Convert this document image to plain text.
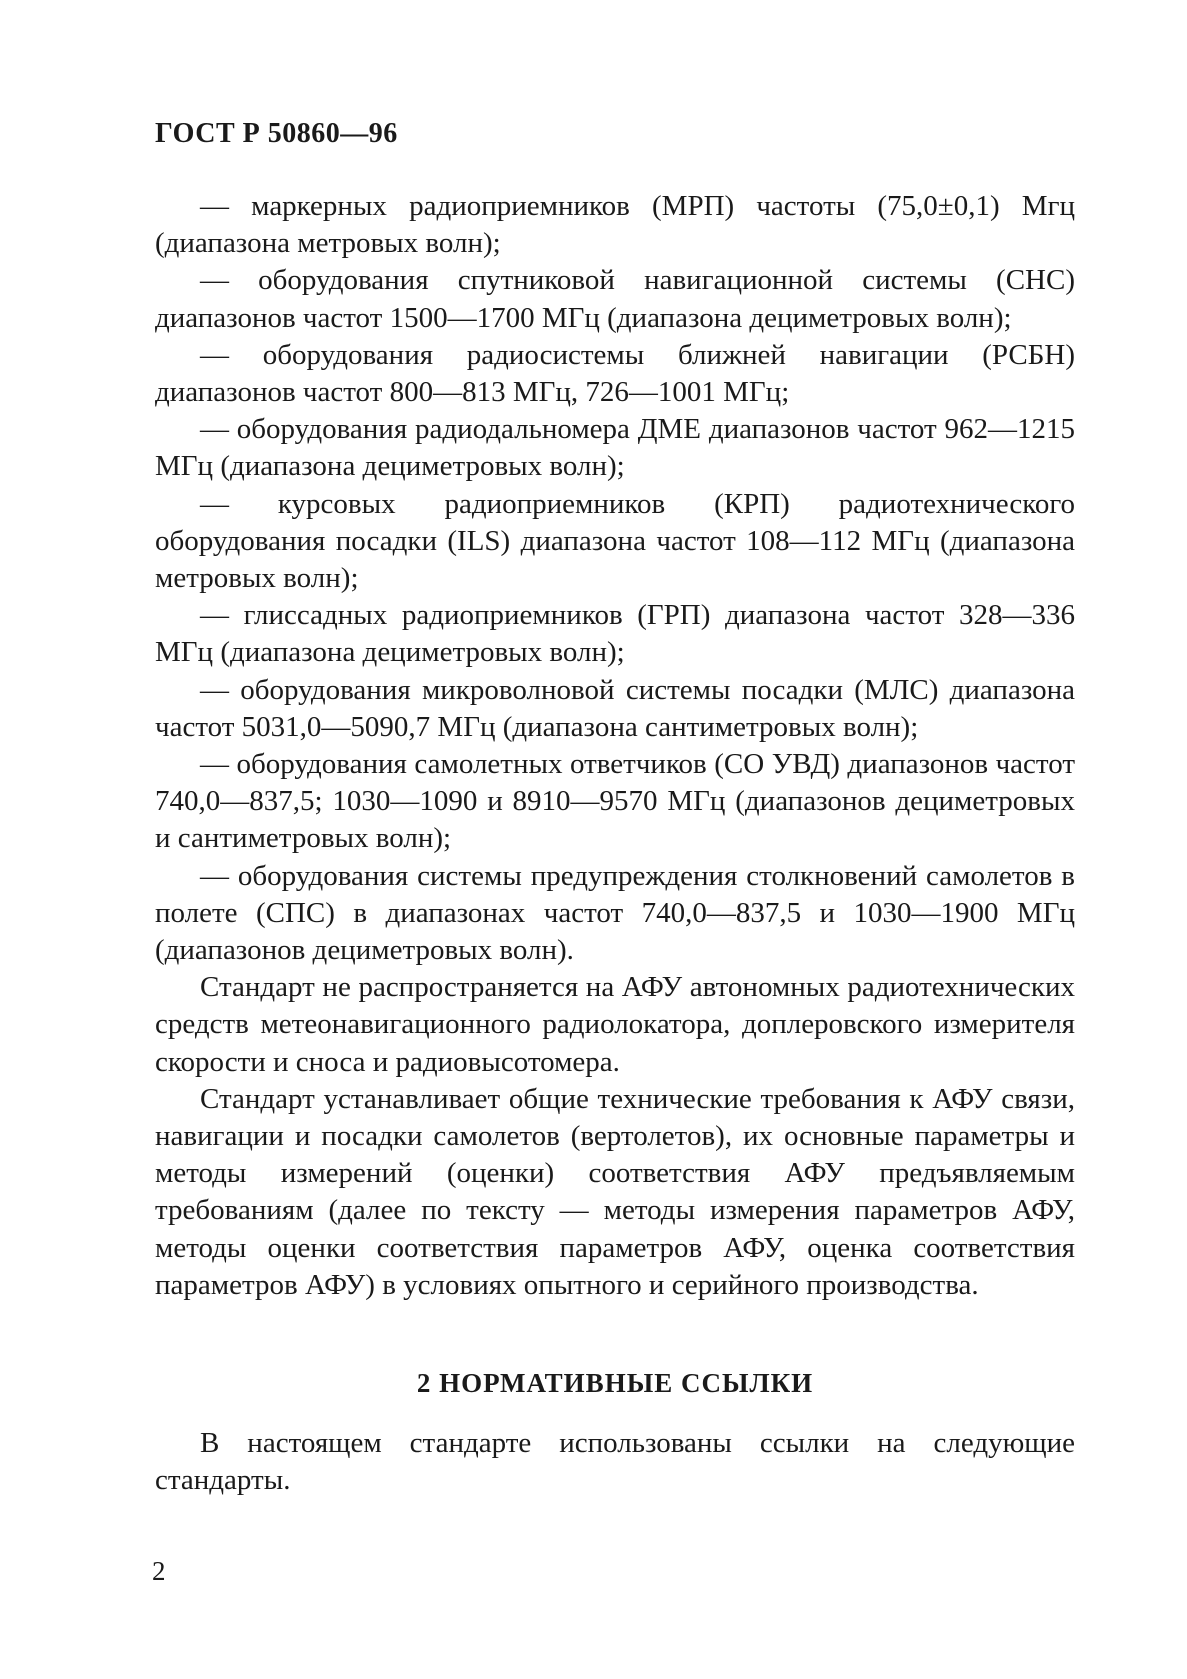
ГОСТ Р 50860—96

— маркерных радиоприемников (МРП) частоты (75,0±0,1) Мгц (диапазона метровых волн);

— оборудования спутниковой навигационной системы (СНС) диапазонов частот 1500—1700 МГц (диапазона дециметровых волн);

— оборудования радиосистемы ближней навигации (РСБН) диапазонов частот 800—813 МГц, 726—1001 МГц;

— оборудования радиодальномера ДМЕ диапазонов частот 962—1215 МГц (диапазона дециметровых волн);

— курсовых радиоприемников (КРП) радиотехнического оборудования посадки (ILS) диапазона частот 108—112 МГц (диапазона метровых волн);

— глиссадных радиоприемников (ГРП) диапазона частот 328—336 МГц (диапазона дециметровых волн);

— оборудования микроволновой системы посадки (МЛС) диапазона частот 5031,0—5090,7 МГц (диапазона сантиметровых волн);

— оборудования самолетных ответчиков (СО УВД) диапазонов частот 740,0—837,5; 1030—1090 и 8910—9570 МГц (диапазонов дециметровых и сантиметровых волн);

— оборудования системы предупреждения столкновений самолетов в полете (СПС) в диапазонах частот 740,0—837,5 и 1030—1900 МГц (диапазонов дециметровых волн).

Стандарт не распространяется на АФУ автономных радиотехнических средств метеонавигационного радиолокатора, доплеровского измерителя скорости и сноса и радиовысотомера.

Стандарт устанавливает общие технические требования к АФУ связи, навигации и посадки самолетов (вертолетов), их основные параметры и методы измерений (оценки) соответствия АФУ предъявляемым требованиям (далее по тексту — методы измерения параметров АФУ, методы оценки соответствия параметров АФУ, оценка соответствия параметров АФУ) в условиях опытного и серийного производства.

2 НОРМАТИВНЫЕ ССЫЛКИ

В настоящем стандарте использованы ссылки на следующие стандарты.

2
